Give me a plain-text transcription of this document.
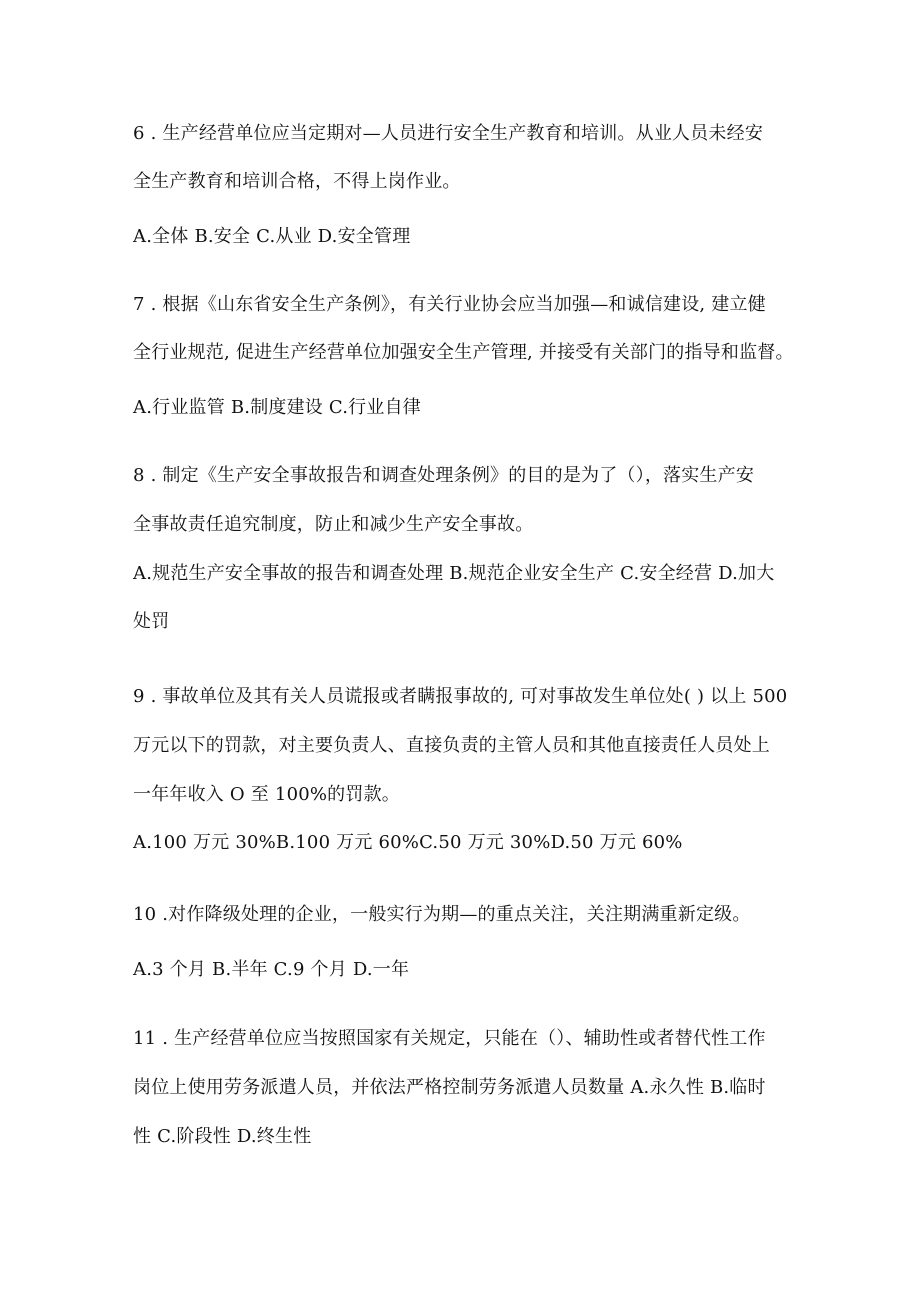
6 . 生产经营单位应当定期对—人员进行安全生产教育和培训。从业人员未经安
全生产教育和培训合格，不得上岗作业。
A.全体 B.安全 C.从业 D.安全管理
7 . 根据《山东省安全生产条例》，有关行业协会应当加强—和诚信建设, 建立健
全行业规范, 促进生产经营单位加强安全生产管理, 并接受有关部门的指导和监督。
A.行业监管 B.制度建设 C.行业自律
8 . 制定《生产安全事故报告和调查处理条例》的目的是为了（），落实生产安
全事故责任追究制度，防止和减少生产安全事故。
A.规范生产安全事故的报告和调查处理 B.规范企业安全生产 C.安全经营 D.加大
处罚
9 . 事故单位及其有关人员谎报或者瞒报事故的, 可对事故发生单位处( ) 以上 500
万元以下的罚款，对主要负责人、直接负责的主管人员和其他直接责任人员处上
一年年收入 O 至 100%的罚款。
A.100 万元 30%B.100 万元 60%C.50 万元 30%D.50 万元 60%
10 .对作降级处理的企业，一般实行为期—的重点关注，关注期满重新定级。
A.3 个月 B.半年 C.9 个月 D.一年
11 . 生产经营单位应当按照国家有关规定，只能在（）、辅助性或者替代性工作
岗位上使用劳务派遣人员，并依法严格控制劳务派遣人员数量 A.永久性 B.临时
性 C.阶段性 D.终生性
